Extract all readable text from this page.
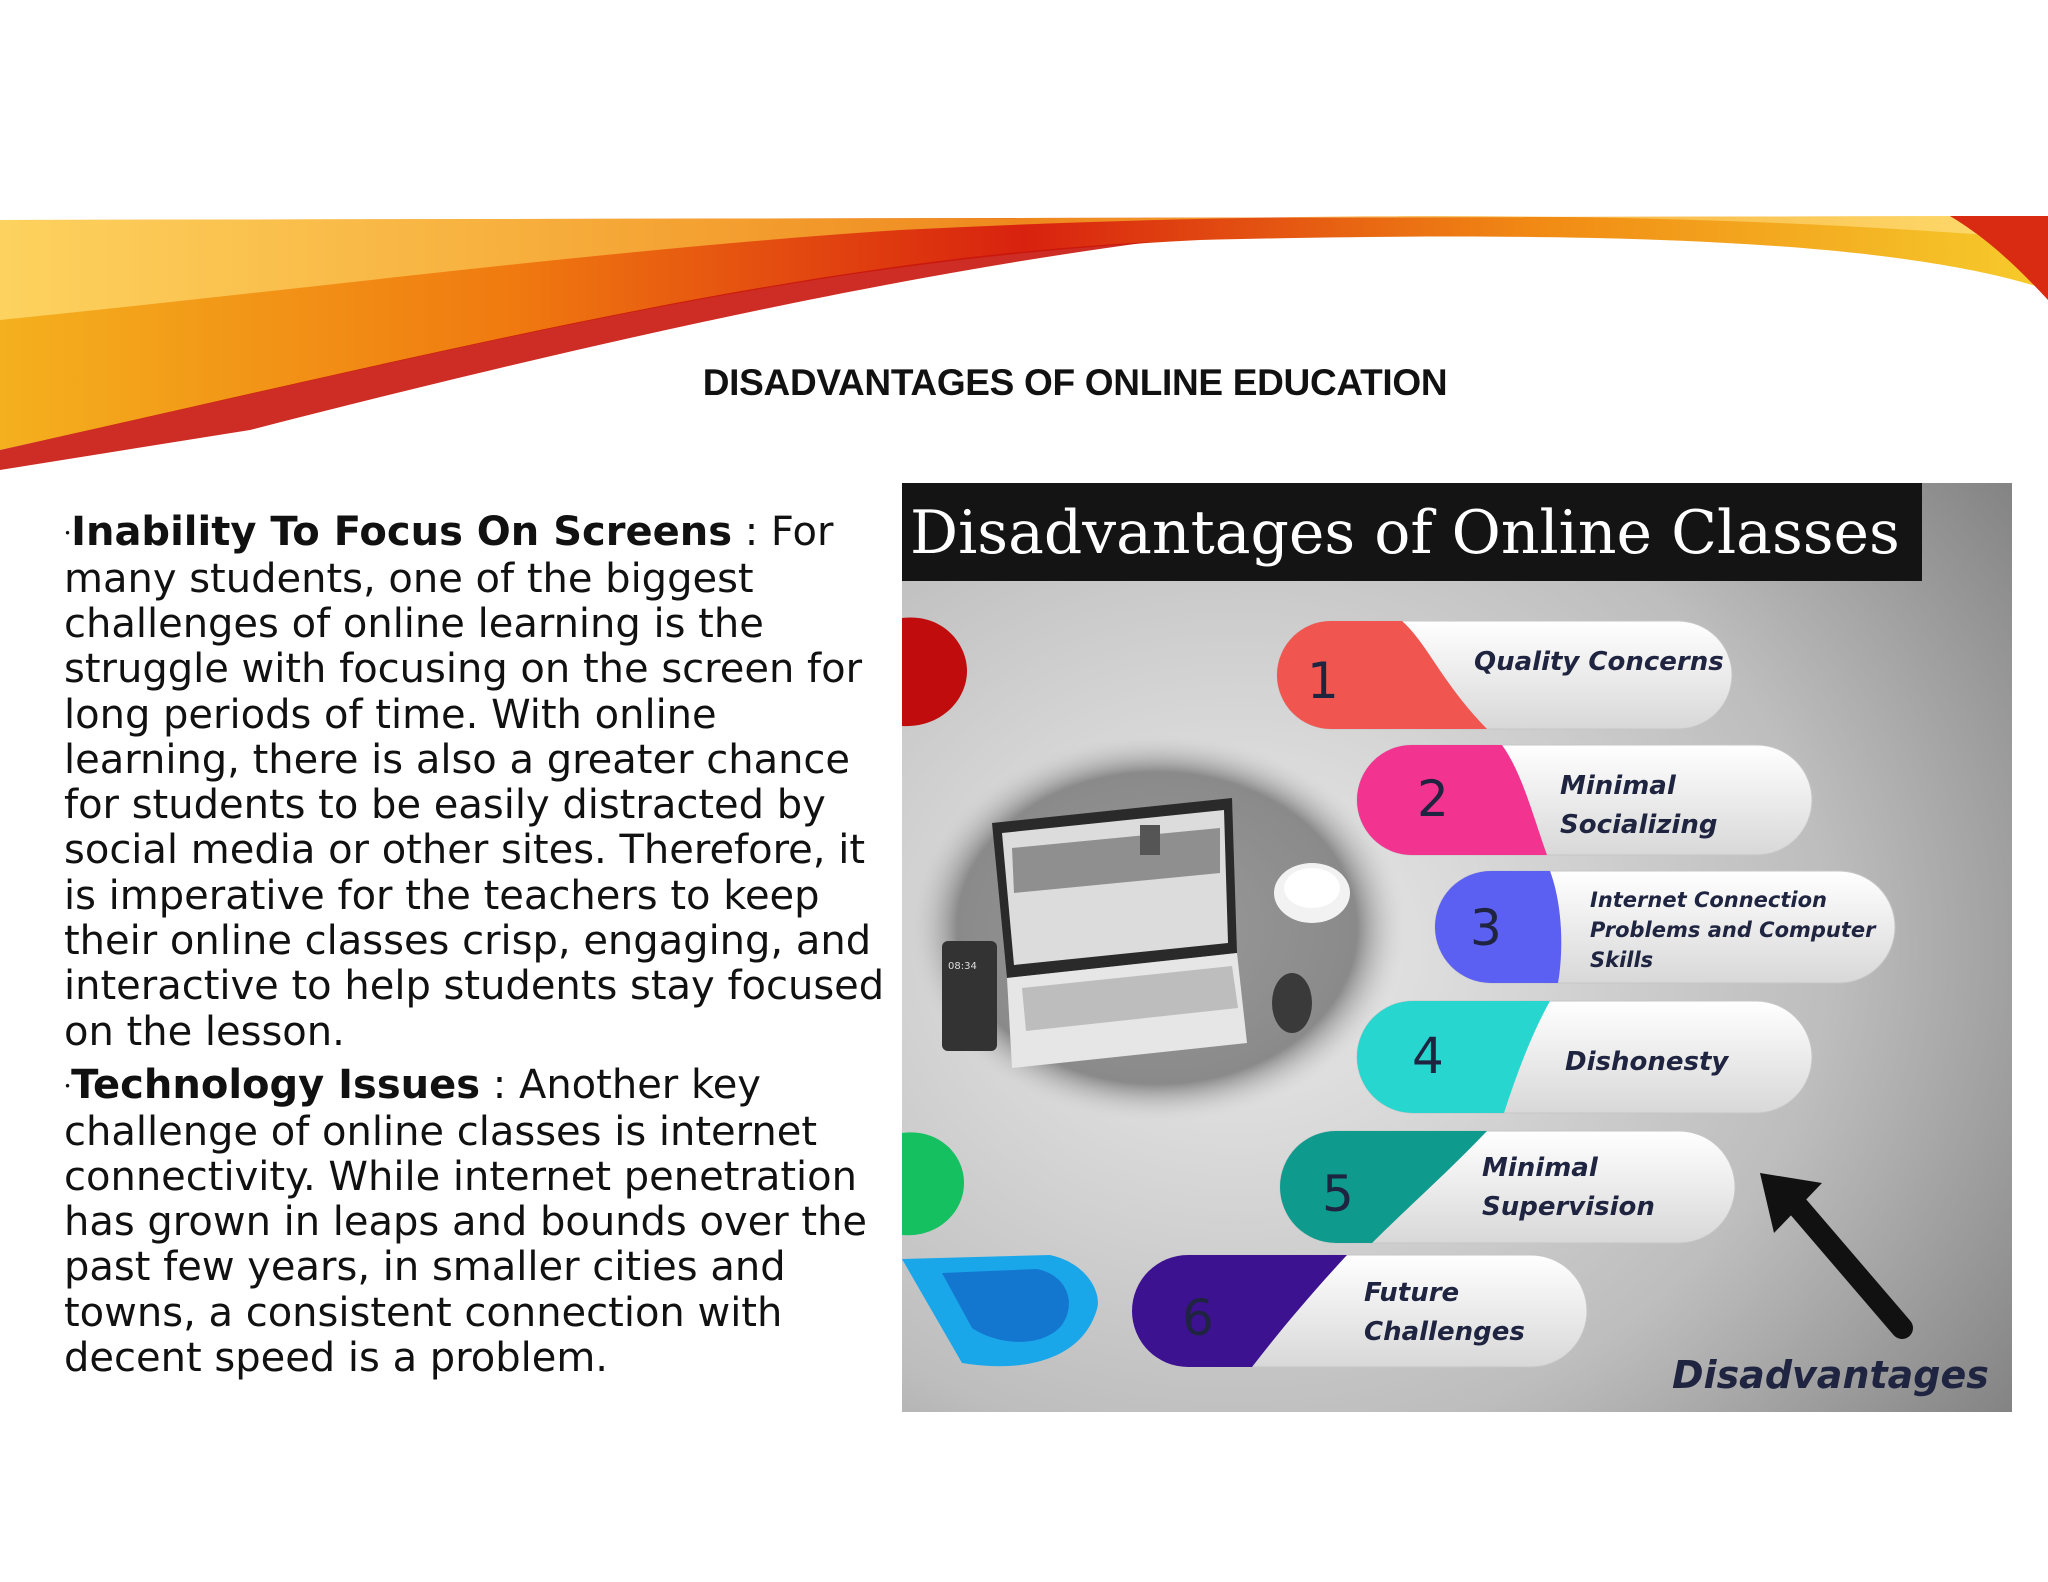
DISADVANTAGES OF ONLINE EDUCATION

•Inability To Focus On Screens : For many students, one of the biggest challenges of online learning is the struggle with focusing on the screen for long periods of time. With online learning, there is also a greater chance for students to be easily distracted by social media or other sites. Therefore, it is imperative for the teachers to keep their online classes crisp, engaging, and interactive to help students stay focused on the lesson.

•Technology Issues : Another key challenge of online classes is internet connectivity. While internet penetration has grown in leaps and bounds over the past few years, in smaller cities and towns, a consistent connection with decent speed is a problem.

Disadvantages of Online Classes
08:34
1	Quality Concerns
2	Minimal
Socializing
3	Internet Connection
Problems and Computer
Skills
4	Dishonesty
5	Minimal
Supervision
6	Future
Challenges
Disadvantages
